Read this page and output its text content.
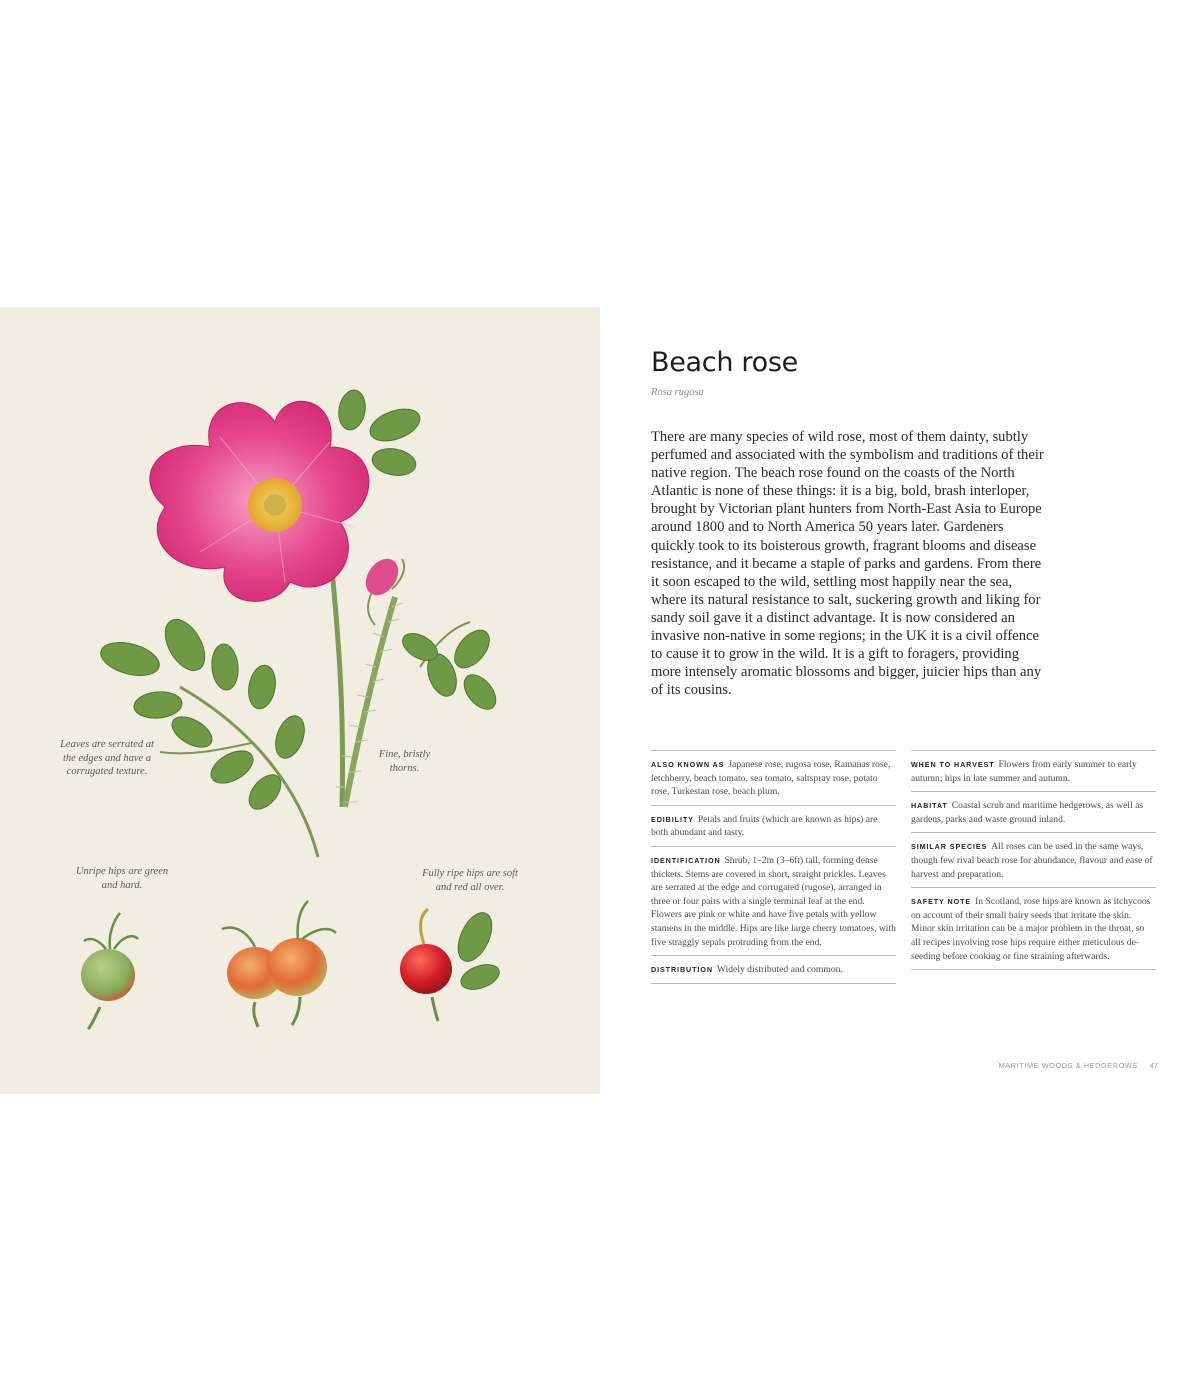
Leaves are serrated at
the edges and have a
corrugated texture.
Fine, bristly
thorns.
Unripe hips are green
and hard.
Fully ripe hips are soft
and red all over.
Beach rose
Rosa rugosa

There are many species of wild rose, most of them dainty, subtly perfumed and associated with the symbolism and traditions of their native region. The beach rose found on the coasts of the North Atlantic is none of these things: it is a big, bold, brash interloper, brought by Victorian plant hunters from North-East Asia to Europe around 1800 and to North America 50 years later. Gardeners quickly took to its boisterous growth, fragrant blooms and disease resistance, and it became a staple of parks and gardens. From there it soon escaped to the wild, settling most happily near the sea, where its natural resistance to salt, suckering growth and liking for sandy soil gave it a distinct advantage. It is now considered an invasive non-native in some regions; in the UK it is a civil offence to cause it to grow in the wild. It is a gift to foragers, providing more intensely aromatic blossoms and bigger, juicier hips than any of its cousins.

ALSO KNOWN AS Japanese rose, rugosa rose, Ramanas rose, letchberry, beach tomato, sea tomato, saltspray rose, potato rose, Turkestan rose, beach plum.
EDIBILITY Petals and fruits (which are known as hips) are both abundant and tasty.
IDENTIFICATION Shrub, 1–2m (3–6ft) tall, forming dense thickets. Stems are covered in short, straight prickles. Leaves are serrated at the edge and corrugated (rugose), arranged in three or four pairs with a single terminal leaf at the end. Flowers are pink or white and have five petals with yellow stamens in the middle. Hips are like large cherry tomatoes, with five straggly sepals protruding from the end.
DISTRIBUTION Widely distributed and common.
WHEN TO HARVEST Flowers from early summer to early autumn; hips in late summer and autumn.
HABITAT Coastal scrub and maritime hedgerows, as well as gardens, parks and waste ground inland.
SIMILAR SPECIES All roses can be used in the same ways, though few rival beach rose for abundance, flavour and ease of harvest and preparation.
SAFETY NOTE In Scotland, rose hips are known as itchycoos on account of their small hairy seeds that irritate the skin. Minor skin irritation can be a major problem in the throat, so all recipes involving rose hips require either meticulous de-seeding before cooking or fine straining afterwards.
MARITIME WOODS & HEDGEROWS 47
